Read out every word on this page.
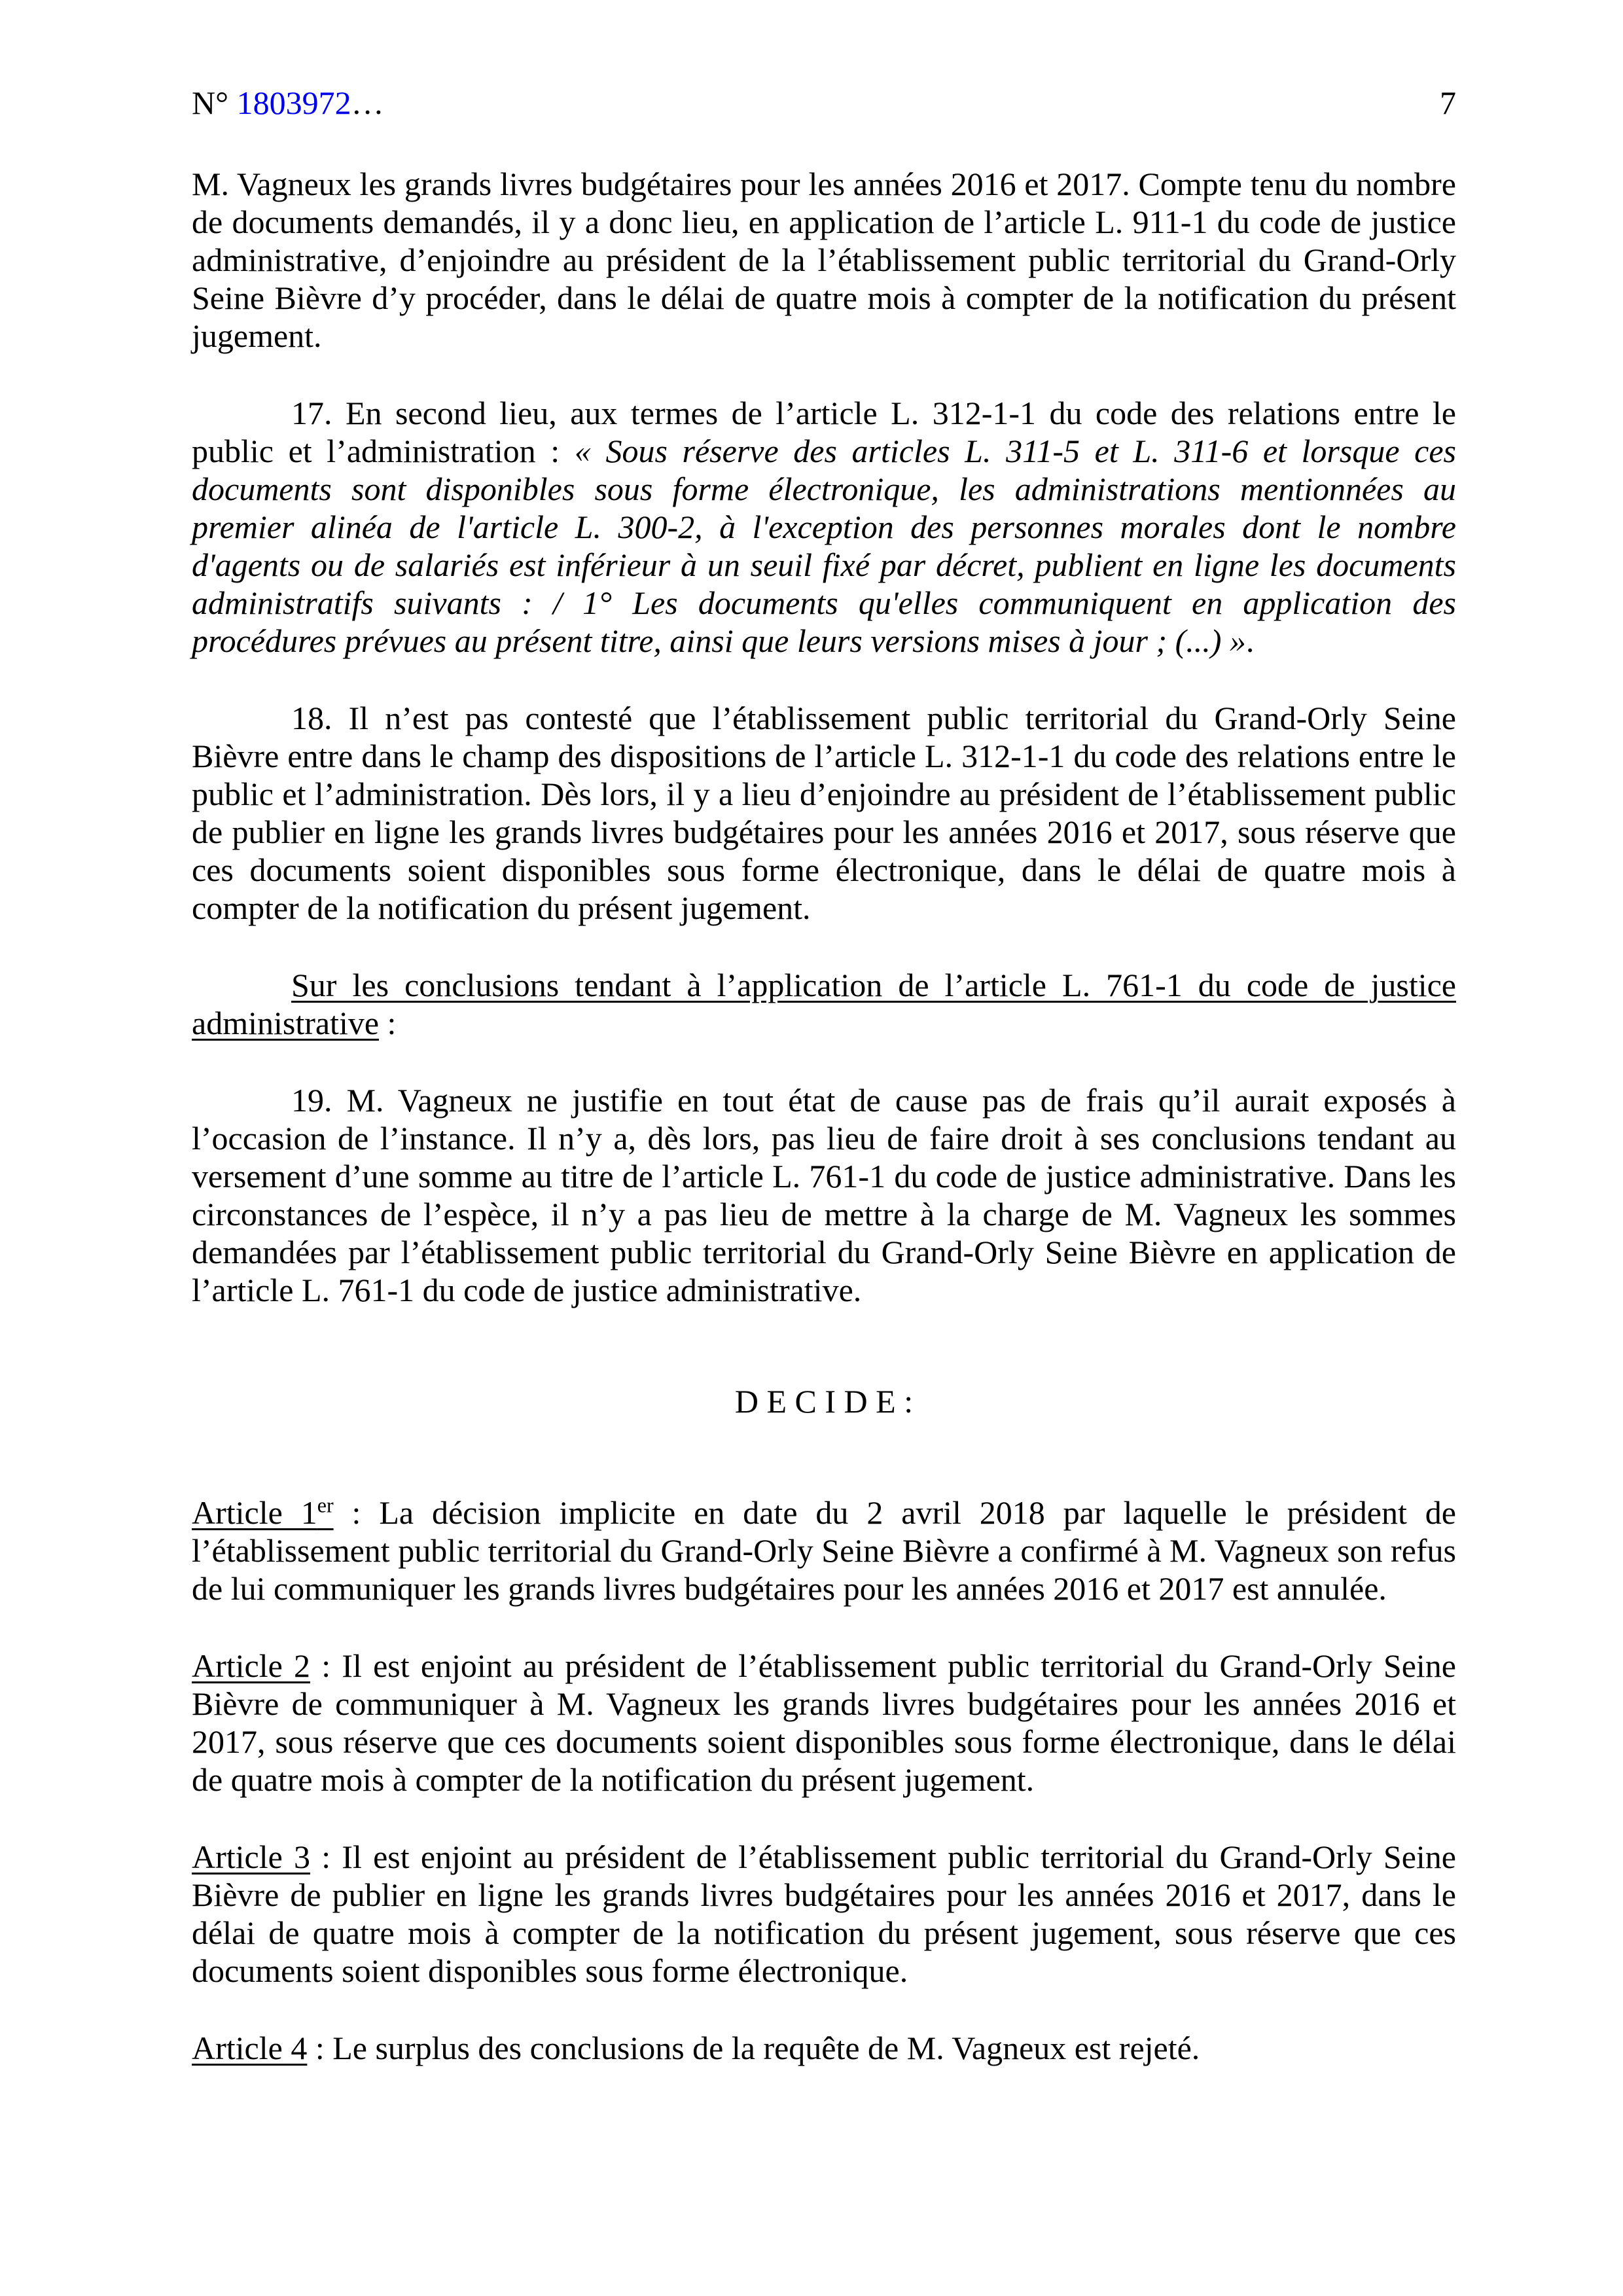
N° 1803972…	7

M. Vagneux les grands livres budgétaires pour les années 2016 et 2017. Compte tenu du nombre de documents demandés, il y a donc lieu, en application de l’article L. 911-1 du code de justice administrative, d’enjoindre au président de la l’établissement public territorial du Grand-Orly Seine Bièvre d’y procéder, dans le délai de quatre mois à compter de la notification du présent jugement.

17. En second lieu, aux termes de l’article L. 312-1-1 du code des relations entre le public et l’administration : « Sous réserve des articles L. 311-5 et L. 311-6 et lorsque ces documents sont disponibles sous forme électronique, les administrations mentionnées au premier alinéa de l'article L. 300-2, à l'exception des personnes morales dont le nombre d'agents ou de salariés est inférieur à un seuil fixé par décret, publient en ligne les documents administratifs suivants : / 1° Les documents qu'elles communiquent en application des procédures prévues au présent titre, ainsi que leurs versions mises à jour ; (...) ».

18. Il n’est pas contesté que l’établissement public territorial du Grand-Orly Seine Bièvre entre dans le champ des dispositions de l’article L. 312-1-1 du code des relations entre le public et l’administration. Dès lors, il y a lieu d’enjoindre au président de l’établissement public de publier en ligne les grands livres budgétaires pour les années 2016 et 2017, sous réserve que ces documents soient disponibles sous forme électronique, dans le délai de quatre mois à compter de la notification du présent jugement.

Sur les conclusions tendant à l’application de l’article L. 761-1 du code de justice administrative :

19. M. Vagneux ne justifie en tout état de cause pas de frais qu’il aurait exposés à l’occasion de l’instance. Il n’y a, dès lors, pas lieu de faire droit à ses conclusions tendant au versement d’une somme au titre de l’article L. 761-1 du code de justice administrative. Dans les circonstances de l’espèce, il n’y a pas lieu de mettre à la charge de M. Vagneux les sommes demandées par l’établissement public territorial du Grand-Orly Seine Bièvre en application de l’article L. 761-1 du code de justice administrative.

D E C I D E :

Article 1er : La décision implicite en date du 2 avril 2018 par laquelle le président de l’établissement public territorial du Grand-Orly Seine Bièvre a confirmé à M. Vagneux son refus de lui communiquer les grands livres budgétaires pour les années 2016 et 2017 est annulée.

Article 2 : Il est enjoint au président de l’établissement public territorial du Grand-Orly Seine Bièvre de communiquer à M. Vagneux les grands livres budgétaires pour les années 2016 et 2017, sous réserve que ces documents soient disponibles sous forme électronique, dans le délai de quatre mois à compter de la notification du présent jugement.

Article 3 : Il est enjoint au président de l’établissement public territorial du Grand-Orly Seine Bièvre de publier en ligne les grands livres budgétaires pour les années 2016 et 2017, dans le délai de quatre mois à compter de la notification du présent jugement, sous réserve que ces documents soient disponibles sous forme électronique.

Article 4 : Le surplus des conclusions de la requête de M. Vagneux est rejeté.
